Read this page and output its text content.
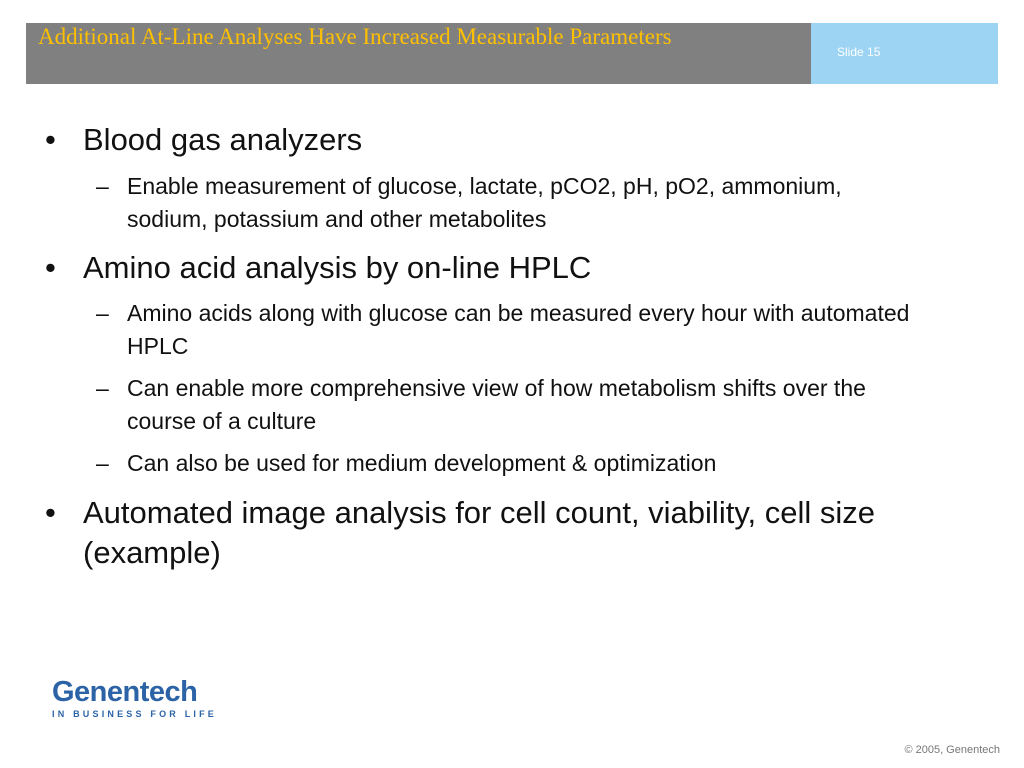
Additional At-Line Analyses Have Increased Measurable Parameters
Slide 15
• Blood gas analyzers
– Enable measurement of glucose, lactate, pCO2, pH, pO2, ammonium, sodium, potassium and other metabolites
• Amino acid analysis by on-line HPLC
– Amino acids along with glucose can be measured every hour with automated HPLC
– Can enable more comprehensive view of how metabolism shifts over the course of a culture
– Can also be used for medium development & optimization
• Automated image analysis for cell count, viability, cell size (example)
Genentech
IN BUSINESS FOR LIFE
© 2005, Genentech
